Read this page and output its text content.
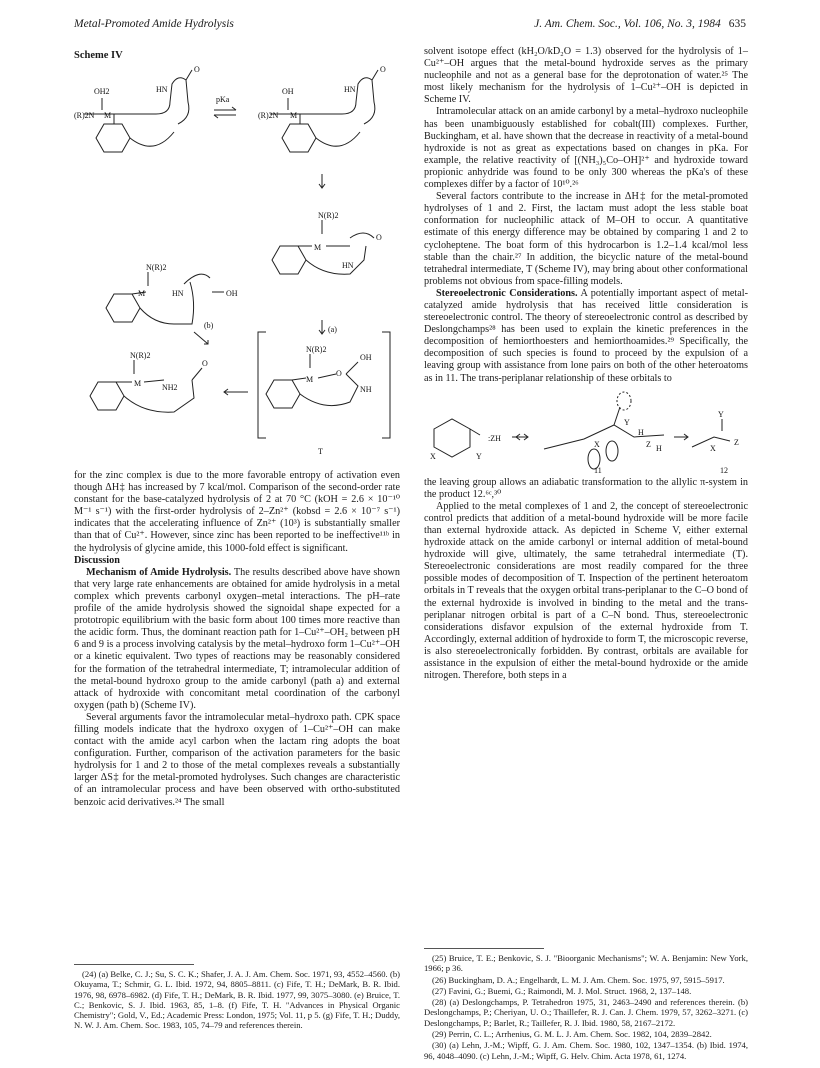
Metal-Promoted Amide Hydrolysis	J. Am. Chem. Soc., Vol. 106, No. 3, 1984 635
Scheme IV
OH2
(R)2N M
HN
O
pKa
OH
(R)2N M
HN
O
N(R)2
M	HN	OH
(b)
N(R)2
M
HN
O
(a)
N(R)2
M	NH2
O
N(R)2
M
O
OH
NH
T

for the zinc complex is due to the more favorable entropy of activation even though ΔH‡ has increased by 7 kcal/mol. Comparison of the second-order rate constant for the base-catalyzed hydrolysis of 2 at 70 °C (kOH = 2.6 × 10⁻¹⁰ M⁻¹ s⁻¹) with the first-order hydrolysis of 2–Zn²⁺ (kobsd = 2.6 × 10⁻⁷ s⁻¹) indicates that the accelerating influence of Zn²⁺ (10³) is substantially smaller than that of Cu²⁺. However, since zinc has been reported to be ineffective¹¹ᵇ in the hydrolysis of glycine amide, this 1000-fold effect is significant.

Discussion

Mechanism of Amide Hydrolysis. The results described above have shown that very large rate enhancements are obtained for amide hydrolysis in a metal complex which prevents carbonyl oxygen–metal interactions. The pH–rate profile of the amide hydrolysis showed the signoidal shape expected for a prototropic equilibrium with the basic form about 100 times more reactive than the acidic form. Thus, the dominant reaction path for 1–Cu²⁺–OH₂ between pH 6 and 9 is a process involving catalysis by the metal–hydroxo form 1–Cu²⁺–OH or a kinetic equivalent. Two types of reactions may be reasonably considered for the formation of the tetrahedral intermediate, T; intramolecular addition of the metal-bound hydroxo group to the amide carbonyl (path a) and external attack of hydroxide with concomitant metal coordination of the carbonyl oxygen (path b) (Scheme IV).

Several arguments favor the intramolecular metal–hydroxo path. CPK space filling models indicate that the hydroxo oxygen of 1–Cu²⁺–OH can make contact with the amide acyl carbon when the lactam ring adopts the boat configuration. Further, comparison of the activation parameters for the basic hydrolysis for 1 and 2 to those of the metal complexes reveals a substantially larger ΔS‡ for the metal-promoted hydrolyses. Such changes are characteristic of an intramolecular process and have been observed with ortho-substituted benzoic acid derivatives.²⁴ The small

(24) (a) Belke, C. J.; Su, S. C. K.; Shafer, J. A. J. Am. Chem. Soc. 1971, 93, 4552–4560. (b) Okuyama, T.; Schmir, G. L. Ibid. 1972, 94, 8805–8811. (c) Fife, T. H.; DeMark, B. R. Ibid. 1976, 98, 6978–6982. (d) Fife, T. H.; DeMark, B. R. Ibid. 1977, 99, 3075–3080. (e) Bruice, T. C.; Benkovic, S. J. Ibid. 1963, 85, 1–8. (f) Fife, T. H. "Advances in Physical Organic Chemistry"; Gold, V., Ed.; Academic Press: London, 1975; Vol. 11, p 5. (g) Fife, T. H.; Duddy, N. W. J. Am. Chem. Soc. 1983, 105, 74–79 and references therein.

solvent isotope effect (kH₂O/kD₂O = 1.3) observed for the hydrolysis of 1–Cu²⁺–OH argues that the metal-bound hydroxide serves as the primary nucleophile and not as a general base for the deprotonation of water.²⁵ The most likely mechanism for the hydrolysis of 1–Cu²⁺–OH is depicted in Scheme IV.

Intramolecular attack on an amide carbonyl by a metal–hydroxo nucleophile has been unambiguously established for cobalt(III) complexes. Further, Buckingham, et al. have shown that the decrease in reactivity of a metal-bound hydroxide is not as great as expectations based on changes in pKa. For example, the relative reactivity of [(NH₃)₅Co–OH]²⁺ and hydroxide toward propionic anhydride was found to be only 300 whereas the pKa's of these complexes differ by a factor of 10¹⁰.²⁶

Several factors contribute to the increase in ΔH‡ for the metal-promoted hydrolyses of 1 and 2. First, the lactam must adopt the less stable boat conformation for nucleophilic attack of M–OH to occur. A quantitative estimate of this energy difference may be obtained by comparing 1 and 2 to cycloheptene. The boat form of this hydrocarbon is 1.2–1.4 kcal/mol less stable than the chair.²⁷ In addition, the bicyclic nature of the metal-bound tetrahedral intermediate, T (Scheme IV), may bring about other conformational problems not obvious from space-filling models.

Stereoelectronic Considerations. A potentially important aspect of metal-catalyzed amide hydrolysis that has received little consideration is stereoelectronic control. The theory of stereoelectronic control as described by Deslongchamps²⁸ has been used to explain the kinetic preferences in the decomposition of hemiorthoesters and hemiorthoamides.²⁹ Specifically, the decomposition of such species is found to proceed by the expulsion of a leaving group with assistance from lone pairs on both of the other heteroatoms as in 11. The trans-periplanar relationship of these orbitals to

X	Y
:ZH
X
Y
H
Z H
Y
X
Z
11	12

the leaving group allows an adiabatic transformation to the allylic π-system in the product 12.⁶ᶜ,³⁰

Applied to the metal complexes of 1 and 2, the concept of stereoelectronic control predicts that addition of a metal-bound hydroxide will be more facile than external hydroxide attack. As depicted in Scheme V, either external hydroxide attack on the amide carbonyl or internal addition of metal-bound hydroxide will give, ultimately, the same tetrahedral intermediate (T). Stereoelectronic considerations are most readily compared for the three possible modes of decomposition of T. Inspection of the pertinent heteroatom orbitals in T reveals that the oxygen orbital trans-periplanar to the C–O bond of the external hydroxide is involved in binding to the metal and the trans-periplanar nitrogen orbital is part of a C–N bond. Thus, stereoelectronic considerations disfavor expulsion of the external hydroxide from T. Accordingly, external addition of hydroxide to form T, the microscopic reverse, is also stereoelectronically forbidden. By contrast, orbitals are available for assistance in the expulsion of either the metal-bound hydroxide or the amide nitrogen. Therefore, both steps in a

(25) Bruice, T. E.; Benkovic, S. J. "Bioorganic Mechanisms"; W. A. Benjamin: New York, 1966; p 36.

(26) Buckingham, D. A.; Engelhardt, L. M. J. Am. Chem. Soc. 1975, 97, 5915–5917.

(27) Favini, G.; Buemi, G.; Raimondi, M. J. Mol. Struct. 1968, 2, 137–148.

(28) (a) Deslongchamps, P. Tetrahedron 1975, 31, 2463–2490 and references therein. (b) Deslongchamps, P.; Cheriyan, U. O.; Thaillefer, R. J. Can. J. Chem. 1979, 57, 3262–3271. (c) Deslongchamps, P.; Barlet, R.; Taillefer, R. J. Ibid. 1980, 58, 2167–2172.

(29) Perrin, C. L.; Arrhenius, G. M. L. J. Am. Chem. Soc. 1982, 104, 2839–2842.

(30) (a) Lehn, J.-M.; Wipff, G. J. Am. Chem. Soc. 1980, 102, 1347–1354. (b) Ibid. 1974, 96, 4048–4090. (c) Lehn, J.-M.; Wipff, G. Helv. Chim. Acta 1978, 61, 1274.
